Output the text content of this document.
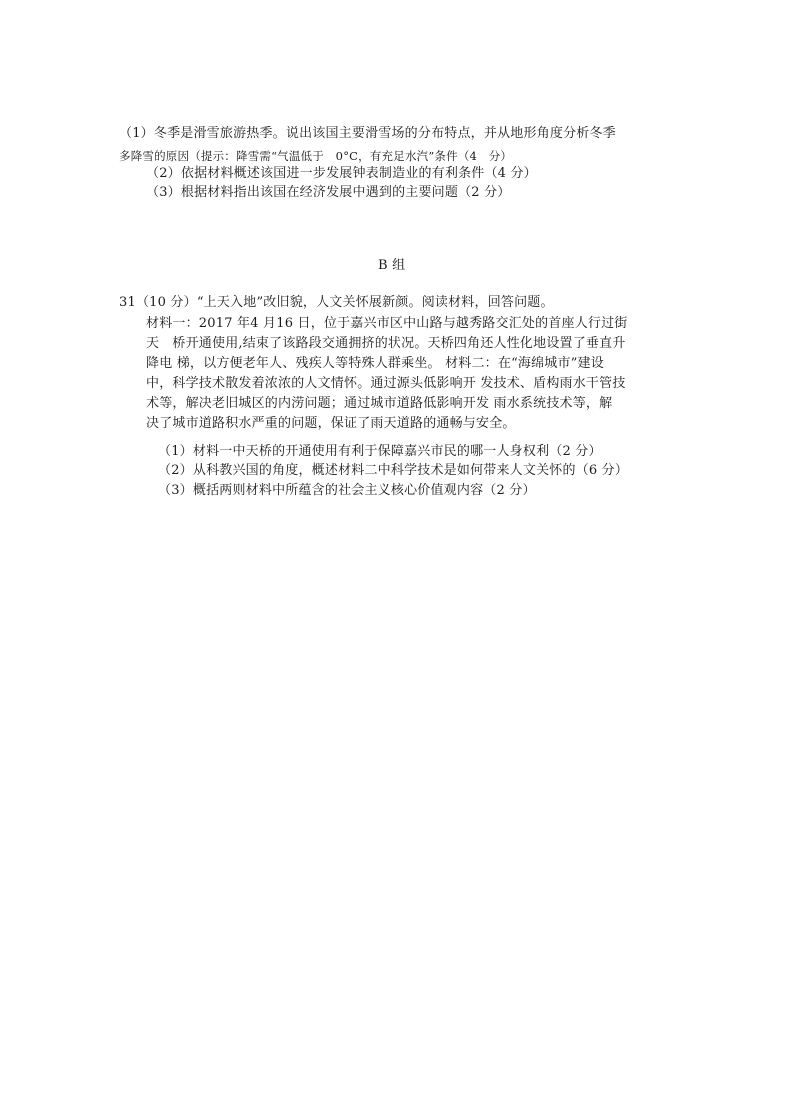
（1）冬季是滑雪旅游热季。说出该国主要滑雪场的分布特点，并从地形角度分析冬季
多降雪的原因（提示：降雪需“气温低于　0°C，有充足水汽”条件（4　分）
（2）依据材料概述该国进一步发展钟表制造业的有利条件（4 分）
（3）根据材料指出该国在经济发展中遇到的主要问题（2 分）
B 组
31（10 分）“上天入地”改旧貌，人文关怀展新颜。阅读材料，回答问题。
材料一：2017 年4 月16 日，位于嘉兴市区中山路与越秀路交汇处的首座人行过街
天　桥开通使用,结束了该路段交通拥挤的状况。天桥四角还人性化地设置了垂直升
降电 梯，以方便老年人、残疾人等特殊人群乘坐。 材料二：在“海绵城市”建设
中，科学技术散发着浓浓的人文情怀。通过源头低影响开 发技术、盾构雨水干管技
术等，解决老旧城区的内涝问题；通过城市道路低影响开发 雨水系统技术等，解
决了城市道路积水严重的问题，保证了雨天道路的通畅与安全。
（1）材料一中天桥的开通使用有利于保障嘉兴市民的哪一人身权利（2 分）
（2）从科教兴国的角度，概述材料二中科学技术是如何带来人文关怀的（6 分）
（3）概括两则材料中所蕴含的社会主义核心价值观内容（2 分）
